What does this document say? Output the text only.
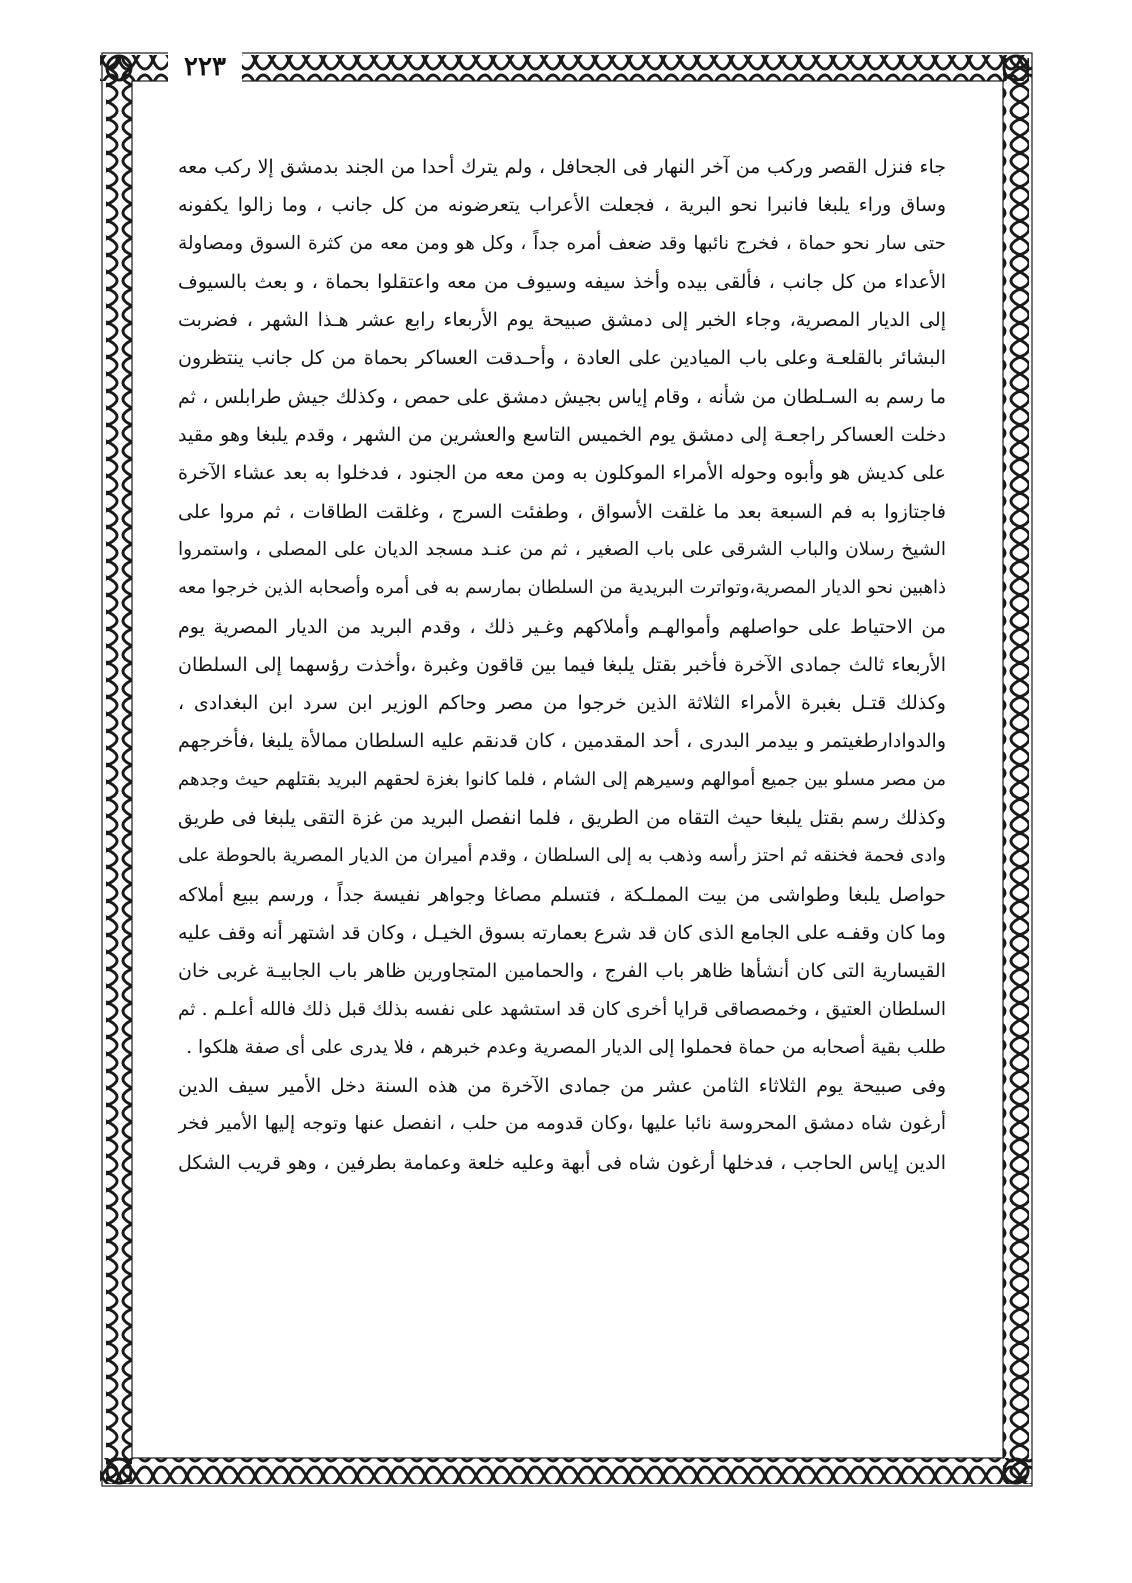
٢٢٣
جاء فنزل القصر وركب من آخر النهار فى الجحافل ، ولم يترك أحدا من الجند بدمشق إلا ركب معه
وساق وراء يلبغا فانبرا نحو البرية ، فجعلت الأعراب يتعرضونه من كل جانب ، وما زالوا يكفونه
حتى سار نحو حماة ، فخرج نائبها وقد ضعف أمره جداً ، وكل هو ومن معه من كثرة السوق ومصاولة
الأعداء من كل جانب ، فألقى بيده وأخذ سيفه وسيوف من معه واعتقلوا بحماة ، و بعث بالسيوف
إلى الديار المصرية، وجاء الخبر إلى دمشق صبيحة يوم الأربعاء رابع عشر هـذا الشهر ، فضربت
البشائر بالقلعـة وعلى باب الميادين على العادة ، وأحـدقت العساكر بحماة من كل جانب ينتظرون
ما رسم به السـلطان من شأنه ، وقام إياس بجيش دمشق على حمص ، وكذلك جيش طرابلس ، ثم
دخلت العساكر راجعـة إلى دمشق يوم الخميس التاسع والعشرين من الشهر ، وقدم يلبغا وهو مقيد
على كديش هو وأبوه وحوله الأمراء الموكلون به ومن معه من الجنود ، فدخلوا به بعد عشاء الآخرة
فاجتازوا به فم السبعة بعد ما غلقت الأسواق ، وطفئت السرج ، وغلقت الطاقات ، ثم مروا على
الشيخ رسلان والباب الشرقى على باب الصغير ، ثم من عنـد مسجد الديان على المصلى ، واستمروا
ذاهبين نحو الديار المصرية،وتواترت البريدية من السلطان بمارسم به فى أمره وأصحابه الذين خرجوا معه
من الاحتياط على حواصلهم وأموالهـم وأملاكهم وغـير ذلك ، وقدم البريد من الديار المصرية يوم
الأربعاء ثالث جمادى الآخرة فأخبر بقتل يلبغا فيما بين قاقون وغبرة ،وأخذت رؤسهما إلى السلطان
وكذلك قتـل بغبرة الأمراء الثلاثة الذين خرجوا من مصر وحاكم الوزير ابن سرد ابن البغدادى ،
والدوادارطغيتمر و بيدمر البدرى ، أحد المقدمين ، كان قدنقم عليه السلطان ممالأة يلبغا ،فأخرجهم
من مصر مسلو بين جميع أموالهم وسيرهم إلى الشام ، فلما كانوا بغزة لحقهم البريد بقتلهم حيث وجدهم
وكذلك رسم بقتل يلبغا حيث التقاه من الطريق ، فلما انفصل البريد من غزة التقى يلبغا فى طريق
وادى فحمة فخنقه ثم احتز رأسه وذهب به إلى السلطان ، وقدم أميران من الديار المصرية بالحوطة على
حواصل يلبغا وطواشى من بيت المملـكة ، فتسلم مصاغا وجواهر نفيسة جداً ، ورسم ببيع أملاكه
وما كان وقفـه على الجامع الذى كان قد شرع بعمارته بسوق الخيـل ، وكان قد اشتهر أنه وقف عليه
القيسارية التى كان أنشأها ظاهر باب الفرج ، والحمامين المتجاورين ظاهر باب الجابيـة غربى خان
السلطان العتيق ، وخمصصاقى قرايا أخرى كان قد استشهد على نفسه بذلك قبل ذلك فالله أعلـم . ثم
طلب بقية أصحابه من حماة فحملوا إلى الديار المصرية وعدم خبرهم ، فلا يدرى على أى صفة هلكوا .
وفى صبيحة يوم الثلاثاء الثامن عشر من جمادى الآخرة من هذه السنة دخل الأمير سيف الدين
أرغون شاه دمشق المحروسة نائبا عليها ،وكان قدومه من حلب ، انفصل عنها وتوجه إليها الأمير فخر
الدين إياس الحاجب ، فدخلها أرغون شاه فى أبهة وعليه خلعة وعمامة بطرفين ، وهو قريب الشكل
